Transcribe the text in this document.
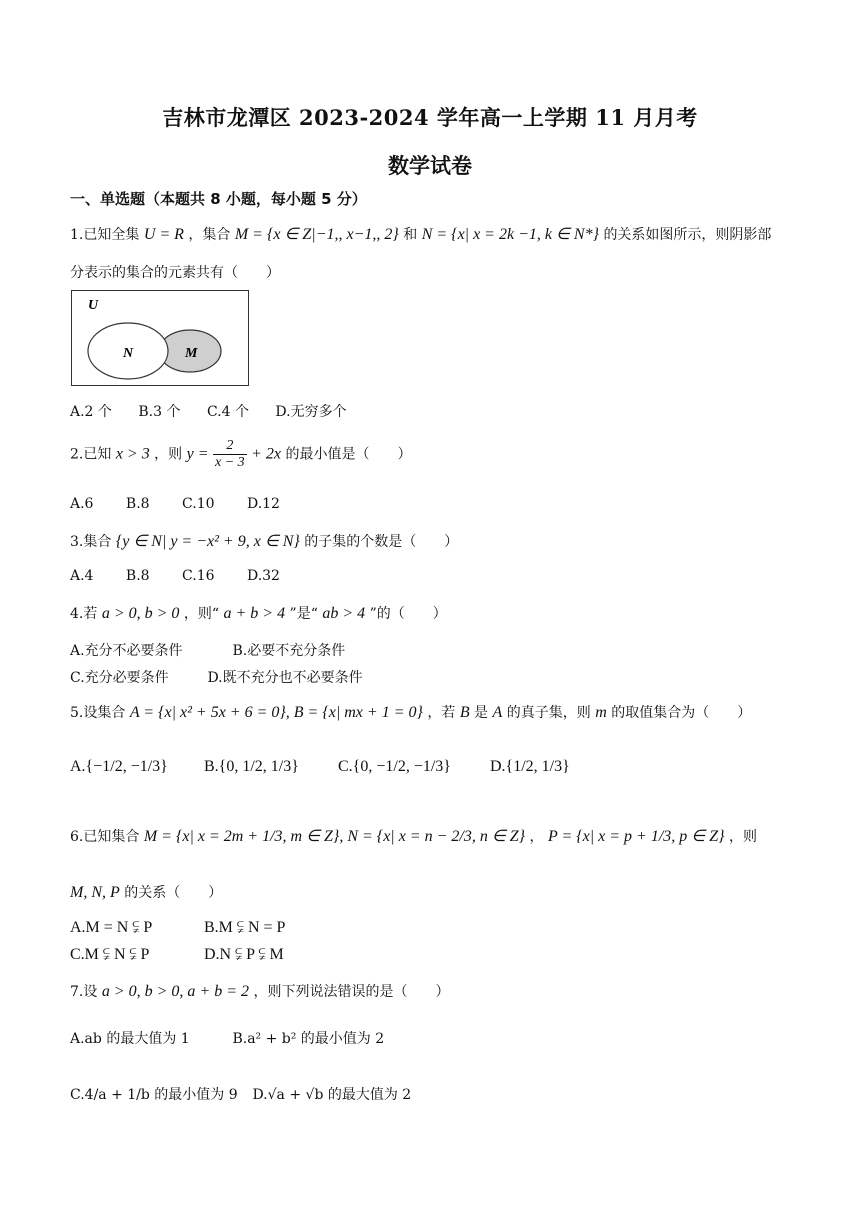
吉林市龙潭区 2023-2024 学年高一上学期 11 月月考
数学试卷
一、单选题（本题共 8 小题，每小题 5 分）
1.已知全集 U = R ，集合 M = {x ∈ Z|−1,, x−1,, 2} 和 N = {x| x = 2k −1, k ∈ N*} 的关系如图所示，则阴影部
分表示的集合的元素共有（　　）
U
N	M
A.2 个 B.3 个 C.4 个 D.无穷多个
2.已知 x > 3 ，则 $y = \frac{2}{x - 3} + 2x$ 的最小值是（　　）
A.6 B.8 C.10 D.12
3.集合 {y ∈ N| y = −x² + 9, x ∈ N} 的子集的个数是（　　）
A.4 B.8 C.16 D.32
4.若 a > 0, b > 0 ，则“ a + b > 4 ”是“ ab > 4 ”的（　　）
A.充分不必要条件	B.必要不充分条件
C.充分必要条件	D.既不充分也不必要条件
5.设集合 A = {x| x² + 5x + 6 = 0}, B = {x| mx + 1 = 0} ，若 B 是 A 的真子集，则 m 的取值集合为（　　）
A.{−1/2, −1/3} B.{0, 1/2, 1/3} C.{0, −1/2, −1/3} D.{1/2, 1/3}
6.已知集合 M = {x| x = 2m + 1/3, m ∈ Z}, N = {x| x = n − 2/3, n ∈ Z} ， P = {x| x = p + 1/3, p ∈ Z} ，则
M, N, P 的关系（　　）
A.M = N ⫋ P	B.M ⫋ N = P
C.M ⫋ N ⫋ P	D.N ⫋ P ⫋ M
7.设 a > 0, b > 0, a + b = 2 ，则下列说法错误的是（　　）
A.ab 的最大值为 1	B.a² + b² 的最小值为 2
C.4/a + 1/b 的最小值为 9 D.√a + √b 的最大值为 2
